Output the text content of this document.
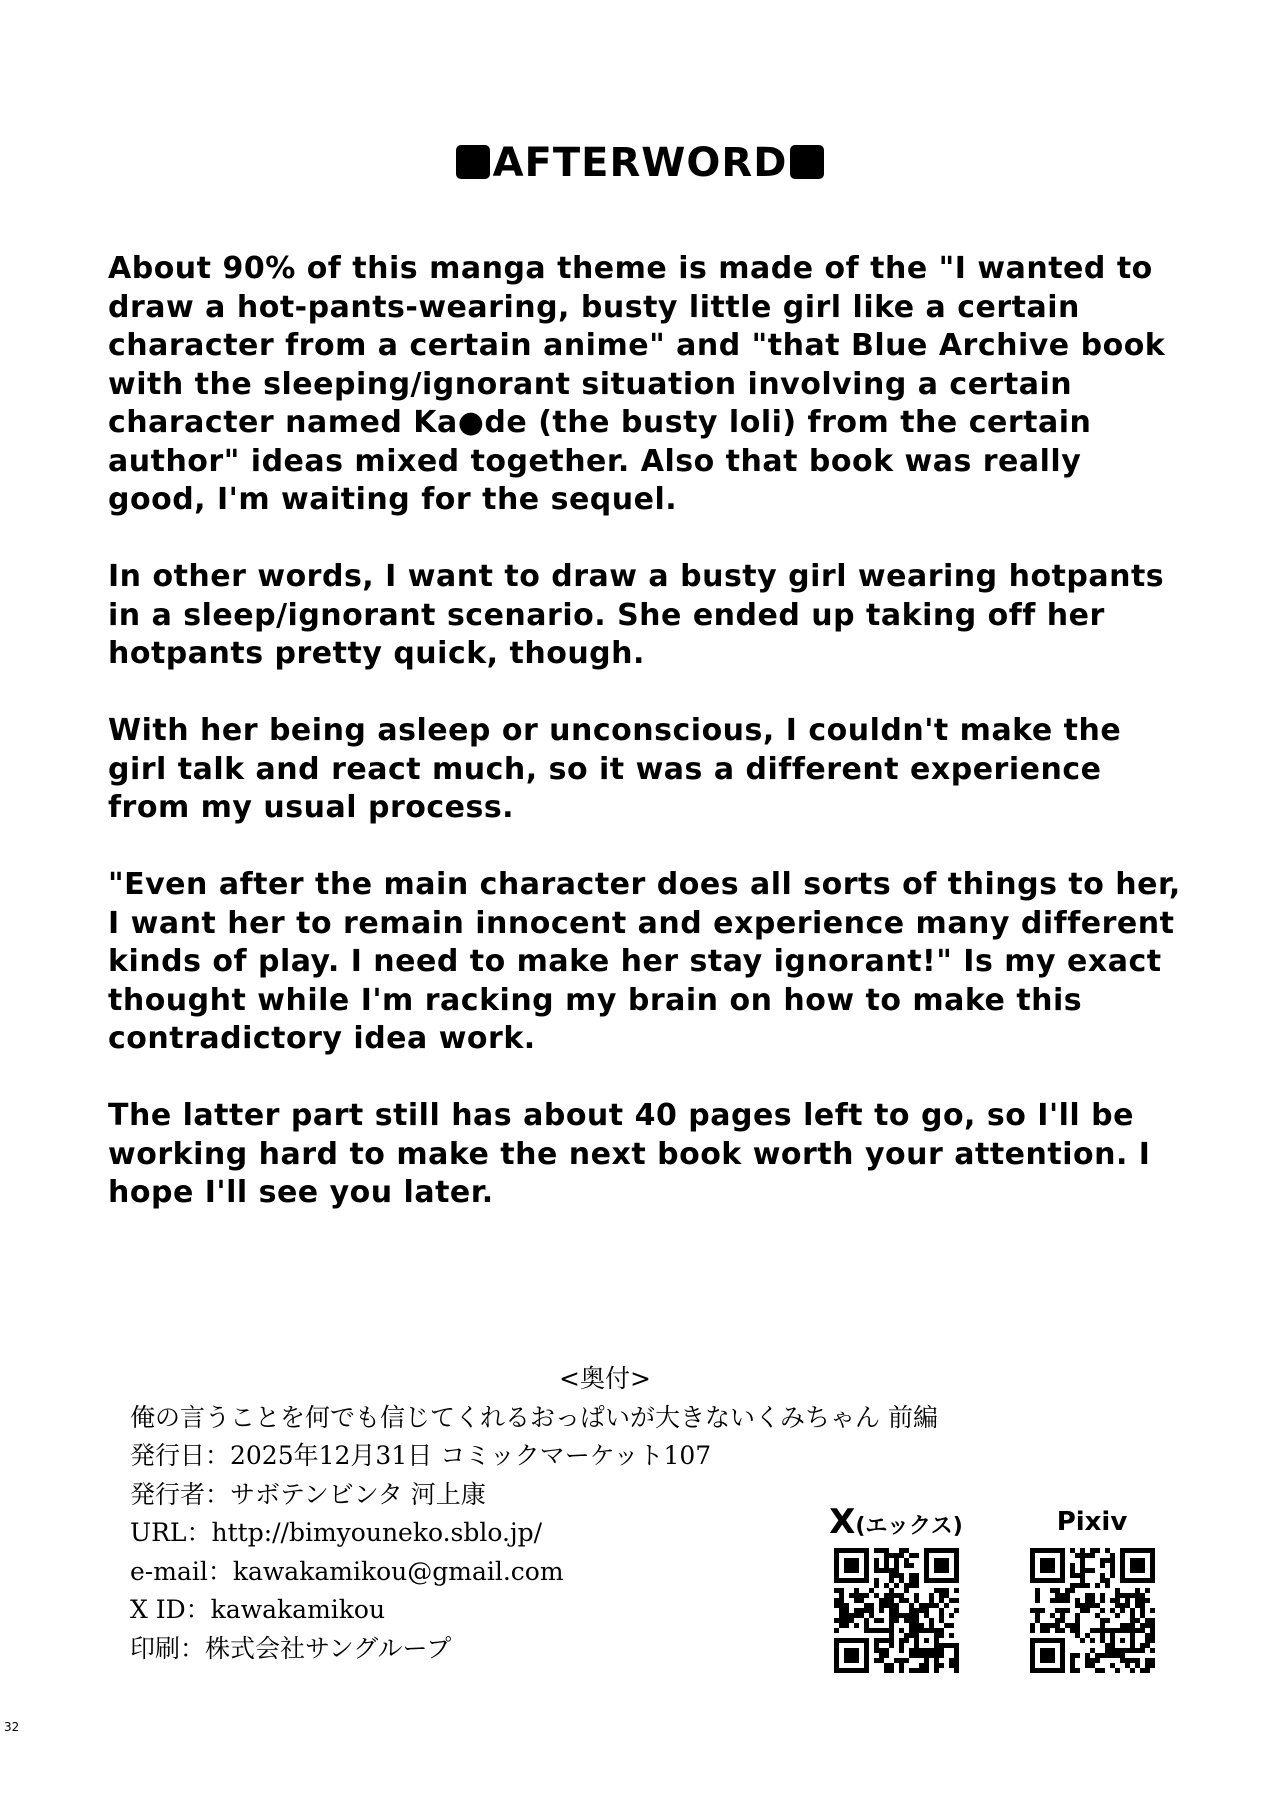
AFTERWORD

About 90% of this manga theme is made of the "I wanted to draw a hot-pants-wearing, busty little girl like a certain character from a certain anime" and "that Blue Archive book with the sleeping/ignorant situation involving a certain character named Ka●de (the busty loli) from the certain author" ideas mixed together. Also that book was really good, I'm waiting for the sequel.

In other words, I want to draw a busty girl wearing hotpants in a sleep/ignorant scenario. She ended up taking off her hotpants pretty quick, though.

With her being asleep or unconscious, I couldn't make the girl talk and react much, so it was a different experience from my usual process.

"Even after the main character does all sorts of things to her, I want her to remain innocent and experience many different kinds of play. I need to make her stay ignorant!" Is my exact thought while I'm racking my brain on how to make this contradictory idea work.

The latter part still has about 40 pages left to go, so I'll be working hard to make the next book worth your attention. I hope I'll see you later.

<奥付>
俺の言うことを何でも信じてくれるおっぱいが大きないくみちゃん 前編
発行日：2025年12月31日 コミックマーケット107
発行者：サボテンビンタ 河上康
URL：http://bimyouneko.sblo.jp/
e-mail：kawakamikou@gmail.com
X ID：kawakamikou
印刷：株式会社サングループ
X(エックス)	Pixiv
32
